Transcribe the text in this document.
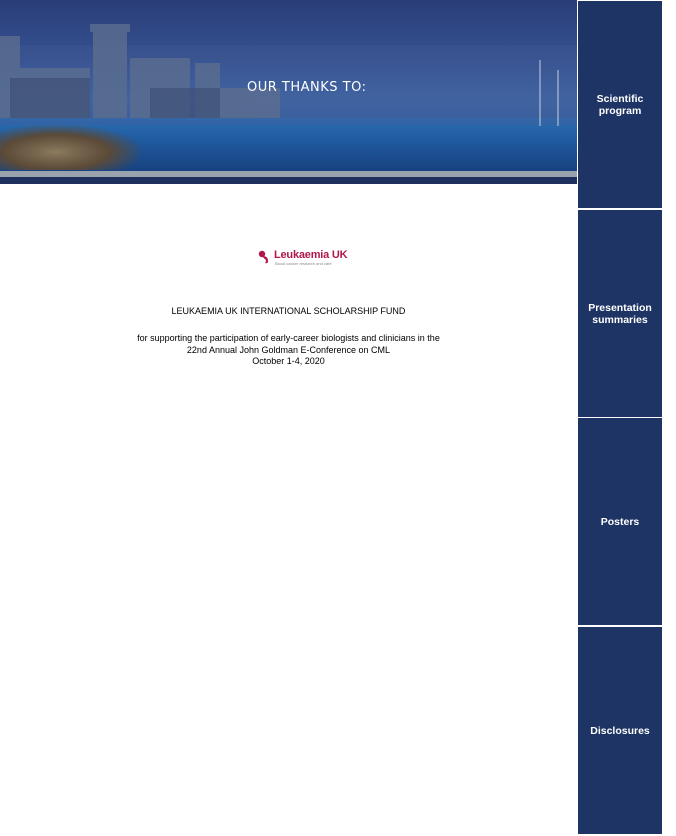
OUR THANKS TO:
Scientific
program
Presentation
summaries
Posters
Disclosures
Leukaemia UK
Blood cancer research and care
LEUKAEMIA UK INTERNATIONAL SCHOLARSHIP FUND
for supporting the participation of early-career biologists and clinicians in the
22nd Annual John Goldman E-Conference on CML
October 1-4, 2020
